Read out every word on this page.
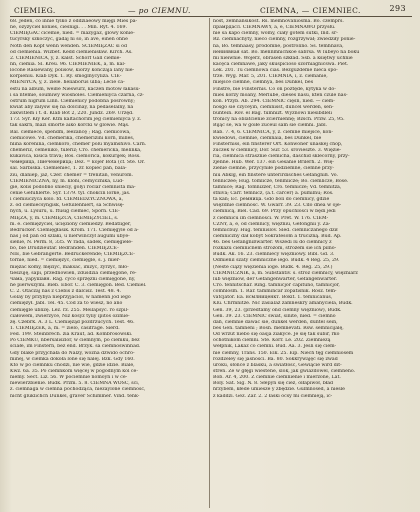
CIEMIEG.	— po CIEMNU.	CIEMNA, — CIEMNIEC.	293
68. Jeden, co innie tylko z oddziaeowy mięgi Mieś pa-
ne, ozyżyciel konieś, ciesnigi. . . Min. Ryt. 4. 169.
CIEMIĘGAĆ cicemie, nied. = mazygaż, glowy konie-
tucyrsky szkoczyć, gadaj ni so, in ave, einen ohne
Noth den Kopf wenn wenden. ŚCIEMIĘŻAĆ si od
od ciemienia. Wiżbet. Kedd ciemienisław. Kirch. As.
2. CIEMIENICA, y, z. kalst. Schorf Gall ciemie-
nn, ciemia. Sl. Kreu. 96. CIEMIENIEK, a, m. kal-
locone Rasiewany, polisów, kiorzy konczaja lahy nie-
korpieniu. Klab Dyk. 1. Ry. smoglnycyliza. CIE-
MIENIYCA, y, z. ziele. heliaborus ulba; Lecie ca-
estu na album, weiße Nieswurz, kaczen motow łakasu-
i sa ntemie, soumiwy wiosnoles. Ciemieniyca czarna, cz-
ostrum nigrum Linn. Ciemienicy podobna posrowny;
kwiat aby zalysw się na dolcinay, na pedaselalny, na
zakwitlem i t. d. Klab Bot 2, 220. Jundz. 269. Urzęd.
173. Syr. Kły Ker. Ktm kaltachorim jeg ciemieniyca y. z.
tak sakrn, mazi smorte aiko korcki w glowie. Mąs.
Bal. ciemiece, spendm, leeżancę ; Rag. ciemicowa,
ciemicowe. Vd. chemerika, chemerizini korn, milles,
hlina korenina, ciemkoró, chemer polu myamshivo. Carn.
chemeriz, cemeniko, tuleriz; Cro. chemericka, melinka,
kukavica, kisica trava; Bos. ciemorica, kokurijek; Ross.
чемерица, Пиечемерица; Dez. = kojer Bota (cf. Ste. Or.
sal. Sarbiska. Ciemieniec, 1. zr. kopiec pan, bala-
ziu, dlaniep, jaz, Czer. chemer = trenitan, venurom.
CIEMIENICZNA, ny, m. kloni, cemycznika, Lud-
gie, kolis podobno śnieciy, golyi roclar ciemnista ma-
cenie Gefühlerte. Syr. 1379. tyl. chokcin lorke, jas.
i ciemiuczyca kolo. fd. CIEMIEDZYCZNOWA, a,
z. od ciemiecsyngisk, Gefüllenhiert, sa Schwisę-
nych, u. Lysuru, u. ftusig ciemiec, Sporn. CIE-
MIĘŻA, y, m. CIEMIĘZCA, CIEMIĘZYCIEL, s.
m. e. ciemiężyciel, uciężiony ciemiedzy. Bedätliger,
Bedrücker. Ciemięgłasik. Krom. 171. Ciemięgyle od a-
nas j od pan od szlaki, u nierwinczył augumi ubye-
sienie, N. Perm. 8, 335. W rada, sadek, ciemięgiele-
bo, bie Drüdzieutar. Bedränden. CIEMIĘŻCE-
NIE, bie Gebrängerte. Bedrückerende; CIEMIĘZCE-
tornie, nied. = ciemięzyc, ciemięgle, s. j. mier-
miężać komy, męziyć, maksać, imżyć, źyrzyc, mło-
tieszuję, sapi, przednowien, zdusdzia ciemięgone, re-
чама, уарушавн. Rag. cyco sprzęzni ciemięgone, ny,
ńe pierwszymi. Bieb. Ebor. C. 3. ciemięgon. Bed. Ciemiel.
C. 2. Otaczaj nas z Ciebis z dalcisz. Test. 48. 4.
Golay by przybya nieprzyjaciól, w namenn jod iego
ciemięzył. Jabl. Tel. 45. Cód za to wiesz, no ano
ciemięgle ubliżę. Leż. rz. 255. Meilapsyc. ro szpil-
ciałowem, zwierzyce, Niż kosyz tyliy ipitos ozimie-
żę. Czebrk. A. 3 L. Ciemiężąd pożdrzucych. Test. 46.
1. CIEMIĘZEK, a, m. = zielo, casifrage. Sierd.
Fed. 199. Steinbrech. zia Kraut, ad. Kombrosowski.
Po CIEMKU, nbersaliszlor, w ciemnym, po ciemku, bez
ściałe, im Finstern, bez end. Brzyk. sa ciemnoswinnad.
Gdy blake przyjchała do Nalży, wozna dźwido ochro-
minej, w ciemka dokoła lone się nalej. Bzk. Gdy 160.
Kto w po ciemnku chodzi, nie wie, gdzie idzie. Biale,
Kwz. 6a. 35. Po ciemnkom więcej w pogodnym kol ce-
niemy. Sect. Liz. 56. W pociemnie nomoyn i w ce-
niewierzbienie. Budk. Przm. 5. 8. CIEMNA WOSC, ści,
z. ciemnaga w ciemna pochodząca, niezaylone ciemność,
nicht glüklichch Dunkel, graver Schimmer. Vind. tenk-
nost, zemnansikost. Rs. memnovaniosma. Bo. czemprs.
прамрдасл. CIEMNAWY, a, e, CIEMNAWO przysłu.
nie sa kapo ciemny, womy, ciały gotem sutki, Ind. sr-
Rz. ciemnachyty, nieco ciemny, rozgrzywał; zwiedziły ponie-
na, Bo. temhaasy, prodomne, postrolino. Ss. temhnava,
нениявная sat. Bo. mennmnichkoe sabrsa. W lubeyo na boku
mi nieiwnie. Wojerz, obraśen szkład. Ssb. a księtwy uchnie
kacęca ciemnawe, jaky skuspicioso szorniagnicswa. Piet.
Lek. 201. Tu ciemnowa ciaś. Bezguzdeme nieca spo-
trze. Wyg. Mar. 5, 201. CIEMNIA, i, z. ciemanie,
miejsce ciemne, ciemnya, bes Dunkel, bes
Finstre, bie Finsternis. Co on poztęde, kytyka w do-
mieś korzy moany, Merlube, dieses nasu, kten czule nas-
kon. Przyb. Ab. 294. CIEMNIC cięsn, nied. — ciem-
nosgo sie czyceyin, ciemnisst, duncel werden, sen-
buntein. Rov. el Bag. tumnizt. Wyznowi niesibdleli
tronicy na oblatcienie zcierniennę; Bzsch. Przw. 25, 95.
Bijąc se, wa w goiłe zuceul sam sie ciemni. Jabl.
Bab. 7. 4, 6. CIEMNICA, y, z. ciemne miejsce, kon-
kwiedowi, ciemnie, ciemnaia, bes Dunkel, bie
Finsterniss, ein finsterer Ort. Konwoner unaskej chóp,
zuczek w ciemnicy, Dor. Sur. 53. srovieszte. 3. Więzie-
ria, ciemnica strasznie ciemicha, daśchid sklecorny, przy-
zjenne. Hub. Wer. 137. ein Gesanie Brilerh. 2. Wię-
zienie ciemne, przycyniłe podziemne, ciemne przy-
niu Abklg, ein finstere unterirdisches Gefängniß. Vo.
tenniczee; Hug. tomlicze, tenmlicze; Bo. ciemlicze, Bose.
tamnice; Rag. tomnizzer, Cro. temnicze; Vd. temnitza,
stniva; Carr. temnicz, (a.t. carcer) a. pumilnu; Ros.
ta kan; Ec. ремница. Gdo boli do ciemnicy, gdzie
więźdnie ciemnosc. W. Gwarr. 39. 23. Cdo dnea w oje-
ciemnicą, Biel. Cad. 69. Przy opuchlości w będi jedi
z ciemnicu im ciemności. W. Pret. W. 176. CIEM-
CZNY, a, e, od ciemnicy, więźniu, Geföngnii y. Za-
temnicbuy. Hug. temnislov. Sled. ciemniczanego dził
ciemniczny dał kobyt Sokratesom a trucizną. Bud. Ap.
46. bes Gefängnißwärter. Wszedi lu do ciemnicy z
rozkazu ciemnicnem stróżom, strozem sie ich pilno-
Budk. Ak. 16. 23. ciemniecy więżniowy. Bibl. Gd. 3.
Odmienil szaty ciemniczne iego. Budk. 4 Reg. 25, 29.
(Neste ciąży więzienia ioge. Budk. 4. Reg. 25, 29.)
CIEMNICZNIK, a, m. Substantiv. s. stróż ciemnicy, więżniarz
lub więźniów, der Gefangenwärter, Gefangenwärter.
Cro. tennitschar. Ring. tamnicjor capituno, tamnicjor,
comnlosm. 1. Rar. tammincar zopatisnik. Rosz. tem-
vatcjator. Ea. нсмлниценкт. Bokit. 1. temnicanus,
Klu. Chrmnitze. Nic zasialaź zamneskry amanyciela, Budk.
Gen. 39, 23. (przedtamy ond ciemny więźniów), Budk.
Gen. 39. 23. CIEMNIĆ swiat, sinite, nied. = ciemno
dań, ciemnie dawać sie, dunkel werden, duntel sein,
bes Gen. tamneni ; Bosn. memnevati. Rsw. semnicijalę,
Od wrzut niebo się oasja ziakyce. Je się tak subir, rko
ochotnikom ciemni. Ste. Korr. Le. 202. Ziemnieżą
wełpnik, Lakaz co ciemni. Bud. Aa. 3. Jeśli się ciem-
nie ciemny, Trans. 150. Elk. 25. Eip. Niech tęg ciemniosem
rozdzeley się jasności. Ba. 80. Sokkrywajęc się zwad
uroku, słonce z blasku, a światłość, Gewiącie wird dit-
stren. Ze w głęgi wiestene, ślok, jak gwiazdowel, ciemneno.
Bob. Ar. 4, 200. Z ciemnie ciemnienie i mierzone, Lat.
Boly. Sat. Sig. N. 8. Słepyn się cież, olłapiwoł, bład
ńrzybem, kłede umiesze y zbędzie. Gulmnosed, a niesle
z kaddzi. Gez. Zar. 2. 2 łaski ocsy mi ciemnieją, ic-
